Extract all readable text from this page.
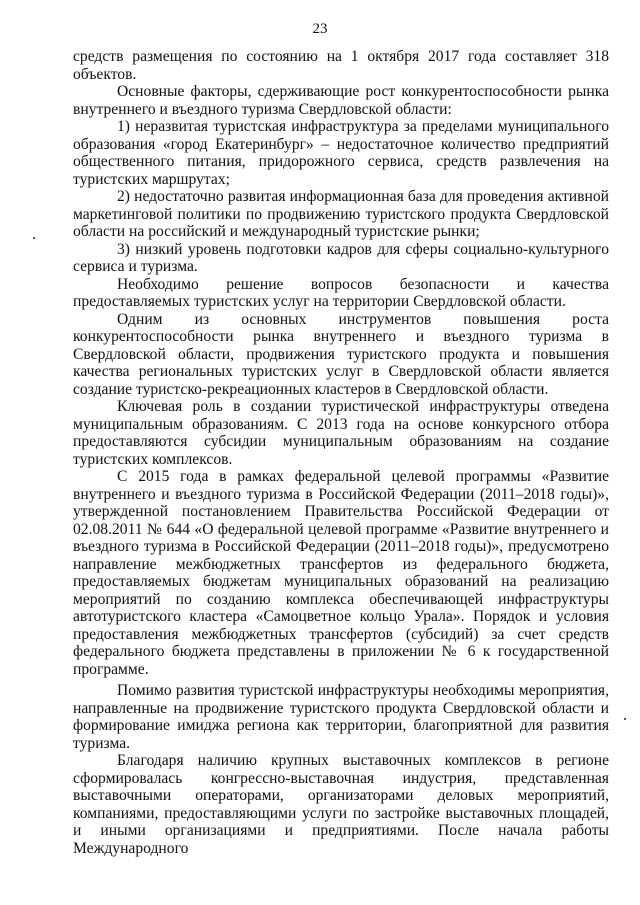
23

средств размещения по состоянию на 1 октября 2017 года составляет 318 объектов.

Основные факторы, сдерживающие рост конкурентоспособности рынка внутреннего и въездного туризма Свердловской области:

1) неразвитая туристская инфраструктура за пределами муниципального образования «город Екатеринбург» – недостаточное количество предприятий общественного питания, придорожного сервиса, средств развлечения на туристских маршрутах;

2) недостаточно развитая информационная база для проведения активной маркетинговой политики по продвижению туристского продукта Свердловской области на российский и международный туристские рынки;

3) низкий уровень подготовки кадров для сферы социально-культурного сервиса и туризма.

Необходимо решение вопросов безопасности и качества предоставляемых туристских услуг на территории Свердловской области.

Одним из основных инструментов повышения роста конкурентоспособности рынка внутреннего и въездного туризма в Свердловской области, продвижения туристского продукта и повышения качества региональных туристских услуг в Свердловской области является создание туристско-рекреационных кластеров в Свердловской области.

Ключевая роль в создании туристической инфраструктуры отведена муниципальным образованиям. С 2013 года на основе конкурсного отбора предоставляются субсидии муниципальным образованиям на создание туристских комплексов.

С 2015 года в рамках федеральной целевой программы «Развитие внутреннего и въездного туризма в Российской Федерации (2011–2018 годы)», утвержденной постановлением Правительства Российской Федерации от 02.08.2011 № 644 «О федеральной целевой программе «Развитие внутреннего и въездного туризма в Российской Федерации (2011–2018 годы)», предусмотрено направление межбюджетных трансфертов из федерального бюджета, предоставляемых бюджетам муниципальных образований на реализацию мероприятий по созданию комплекса обеспечивающей инфраструктуры автотуристского кластера «Самоцветное кольцо Урала». Порядок и условия предоставления межбюджетных трансфертов (субсидий) за счет средств федерального бюджета представлены в приложении № 6 к государственной программе.

Помимо развития туристской инфраструктуры необходимы мероприятия, направленные на продвижение туристского продукта Свердловской области и формирование имиджа региона как территории, благоприятной для развития туризма.

Благодаря наличию крупных выставочных комплексов в регионе сформировалась конгрессно-выставочная индустрия, представленная выставочными операторами, организаторами деловых мероприятий, компаниями, предоставляющими услуги по застройке выставочных площадей, и иными организациями и предприятиями. После начала работы Международного
